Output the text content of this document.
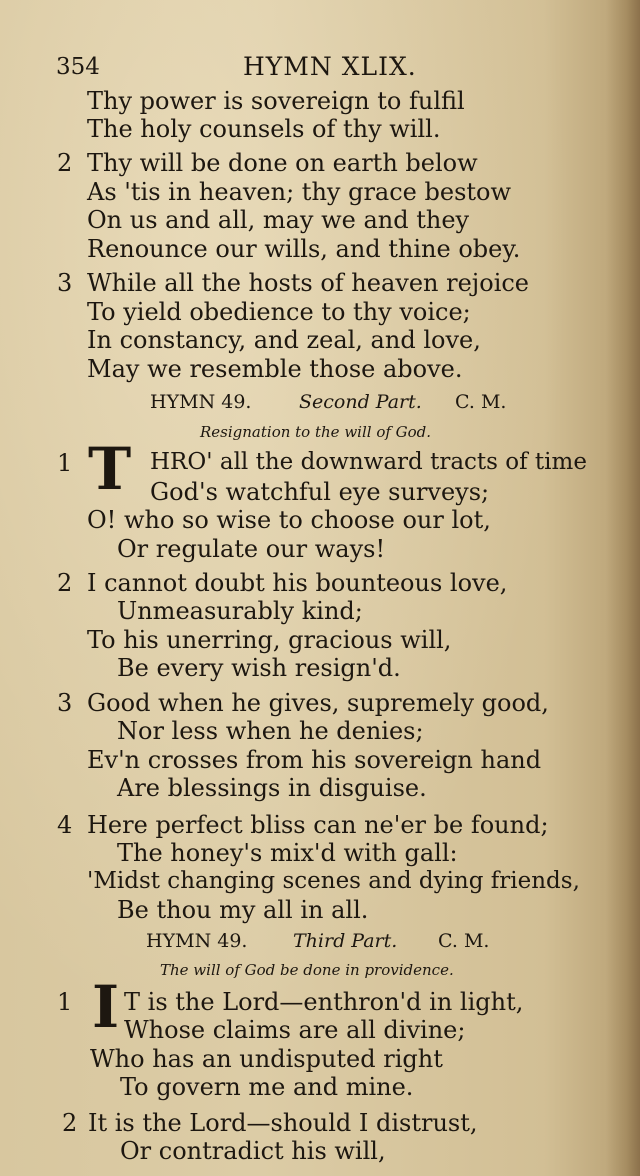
354	HYMN XLIX.
Thy power is sovereign to fulfil
The holy counsels of thy will.
2 Thy will be done on earth below
As 'tis in heaven; thy grace bestow
On us and all, may we and they
Renounce our wills, and thine obey.
3 While all the hosts of heaven rejoice
To yield obedience to thy voice;
In constancy, and zeal, and love,
May we resemble those above.
HYMN 49.	Second Part. C. M.
Resignation to the will of God.
1 T HRO' all the downward tracts of time
God's watchful eye surveys;
O! who so wise to choose our lot,
Or regulate our ways!
2 I cannot doubt his bounteous love,
Unmeasurably kind;
To his unerring, gracious will,
Be every wish resign'd.
3 Good when he gives, supremely good,
Nor less when he denies;
Ev'n crosses from his sovereign hand
Are blessings in disguise.
4 Here perfect bliss can ne'er be found;
The honey's mix'd with gall:
'Midst changing scenes and dying friends,
Be thou my all in all.
HYMN 49. Third Part. C. M.
The will of God be done in providence.
1 I T is the Lord—enthron'd in light,
Whose claims are all divine;
Who has an undisputed right
To govern me and mine.
2 It is the Lord—should I distrust,
Or contradict his will,
